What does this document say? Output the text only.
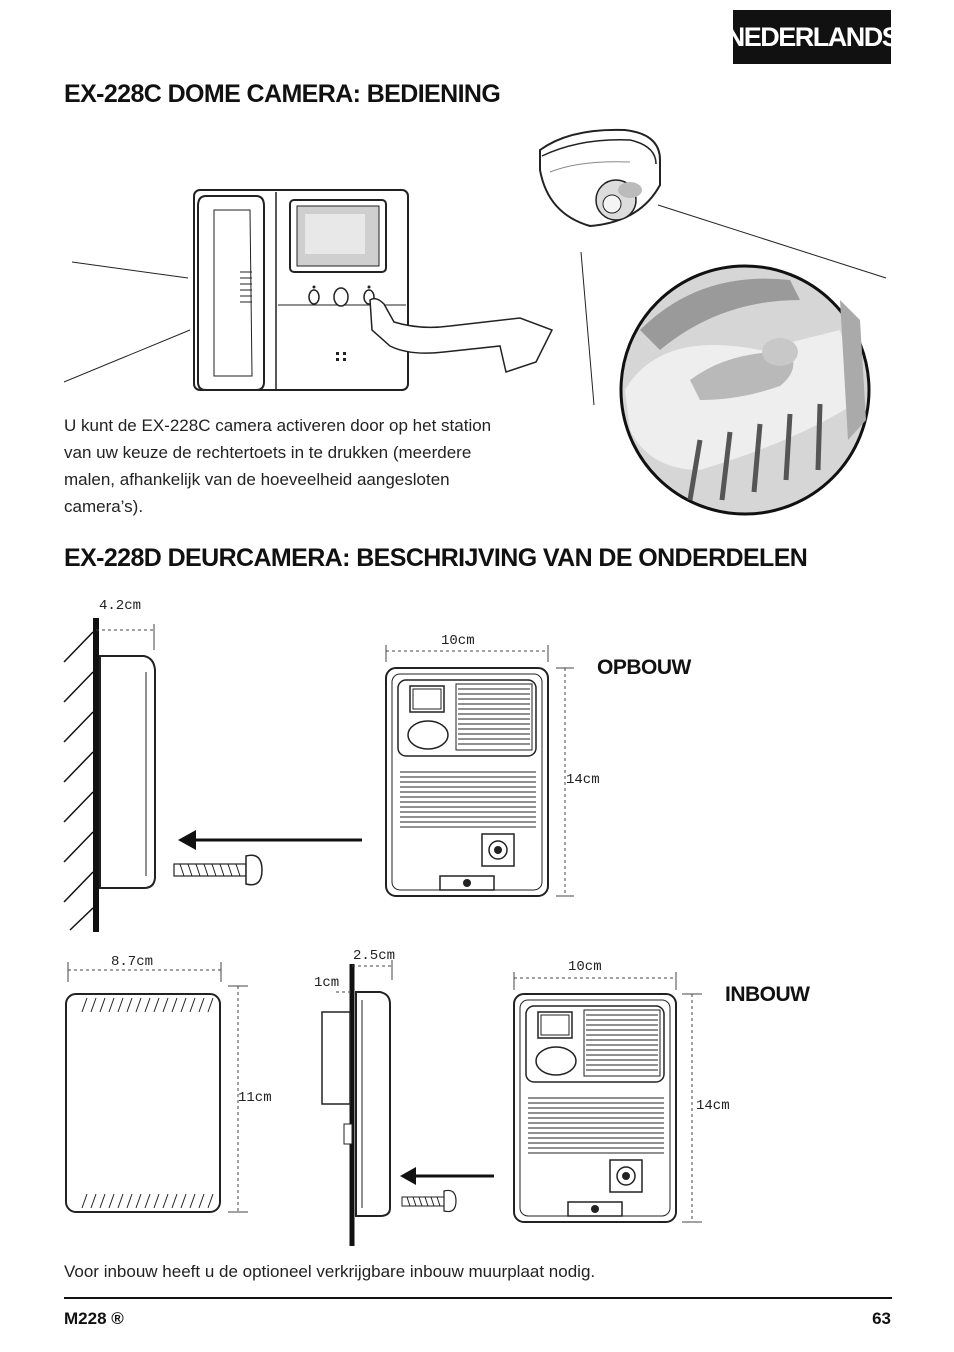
NEDERLANDS
EX-228C DOME CAMERA: BEDIENING
U kunt de EX-228C camera activeren door op het station
van uw keuze de rechtertoets in te drukken (meerdere
malen, afhankelijk van de hoeveelheid aangesloten
camera’s).
EX-228D DEURCAMERA: BESCHRIJVING VAN DE ONDERDELEN
4.2cm
10cm
14cm
8.7cm
11cm
2.5cm
1cm
10cm
14cm
OPBOUW
INBOUW
Voor inbouw heeft u de optioneel verkrijgbare inbouw muurplaat nodig.
M228 ®	63
